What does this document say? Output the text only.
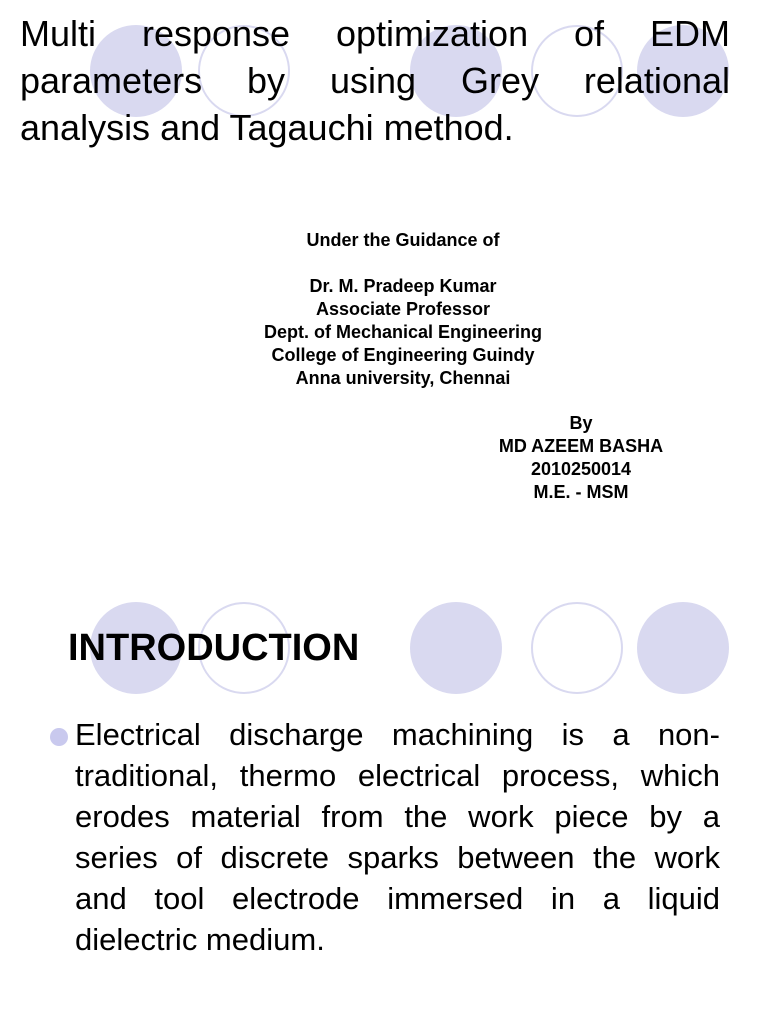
Multi response optimization of EDM parameters by using Grey relational analysis and Tagauchi method.
Under the Guidance of
Dr. M. Pradeep Kumar
Associate Professor
Dept. of Mechanical Engineering
College of Engineering Guindy
Anna university, Chennai
By
MD AZEEM BASHA
2010250014
M.E. - MSM
INTRODUCTION

Electrical discharge machining is a non-traditional, thermo electrical process, which erodes material from the work piece by a series of discrete sparks between the work and tool electrode immersed in a liquid dielectric medium.
